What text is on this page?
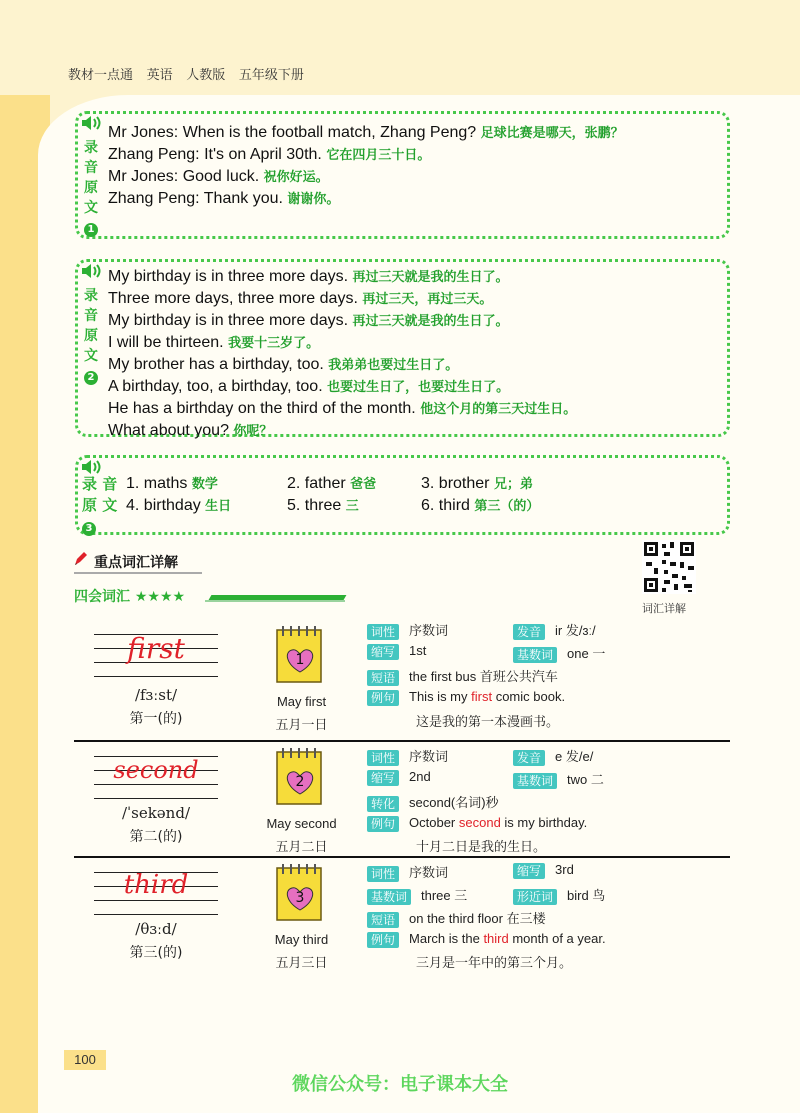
教材一点通 英语 人教版 五年级下册
录
音
原
文
1
Mr Jones: When is the football match, Zhang Peng? 足球比赛是哪天，张鹏？
Zhang Peng: It's on April 30th. 它在四月三十日。
Mr Jones: Good luck. 祝你好运。
Zhang Peng: Thank you. 谢谢你。
录
音
原
文
2
My birthday is in three more days. 再过三天就是我的生日了。
Three more days, three more days. 再过三天，再过三天。
My birthday is in three more days. 再过三天就是我的生日了。
I will be thirteen. 我要十三岁了。
My brother has a birthday, too. 我弟弟也要过生日了。
A birthday, too, a birthday, too. 也要过生日了，也要过生日了。
He has a birthday on the third of the month. 他这个月的第三天过生日。
What about you? 你呢？
录 音
原 文
3
1. maths 数学	2. father 爸爸	3. brother 兄；弟
4. birthday 生日	5. three 三	6. third 第三（的）
重点词汇详解
四会词汇 ★★★★
词汇详解
first
/fɜːst/
第一(的)
1
May first
五月一日
词性 序数词	发音 ir 发/ɜː/
缩写 1st	基数词 one 一
短语 the first bus 首班公共汽车
例句 This is my first comic book.
这是我的第一本漫画书。
second
/ˈsekənd/
第二(的)
2
May second
五月二日
词性 序数词	发音 e 发/e/
缩写 2nd	基数词 two 二
转化 second(名词)秒
例句 October second is my birthday.
十月二日是我的生日。
third
/θɜːd/
第三(的)
3
May third
五月三日
词性 序数词	缩写 3rd
基数词 three 三	形近词 bird 鸟
短语 on the third floor 在三楼
例句 March is the third month of a year.
三月是一年中的第三个月。
100
微信公众号：电子课本大全
